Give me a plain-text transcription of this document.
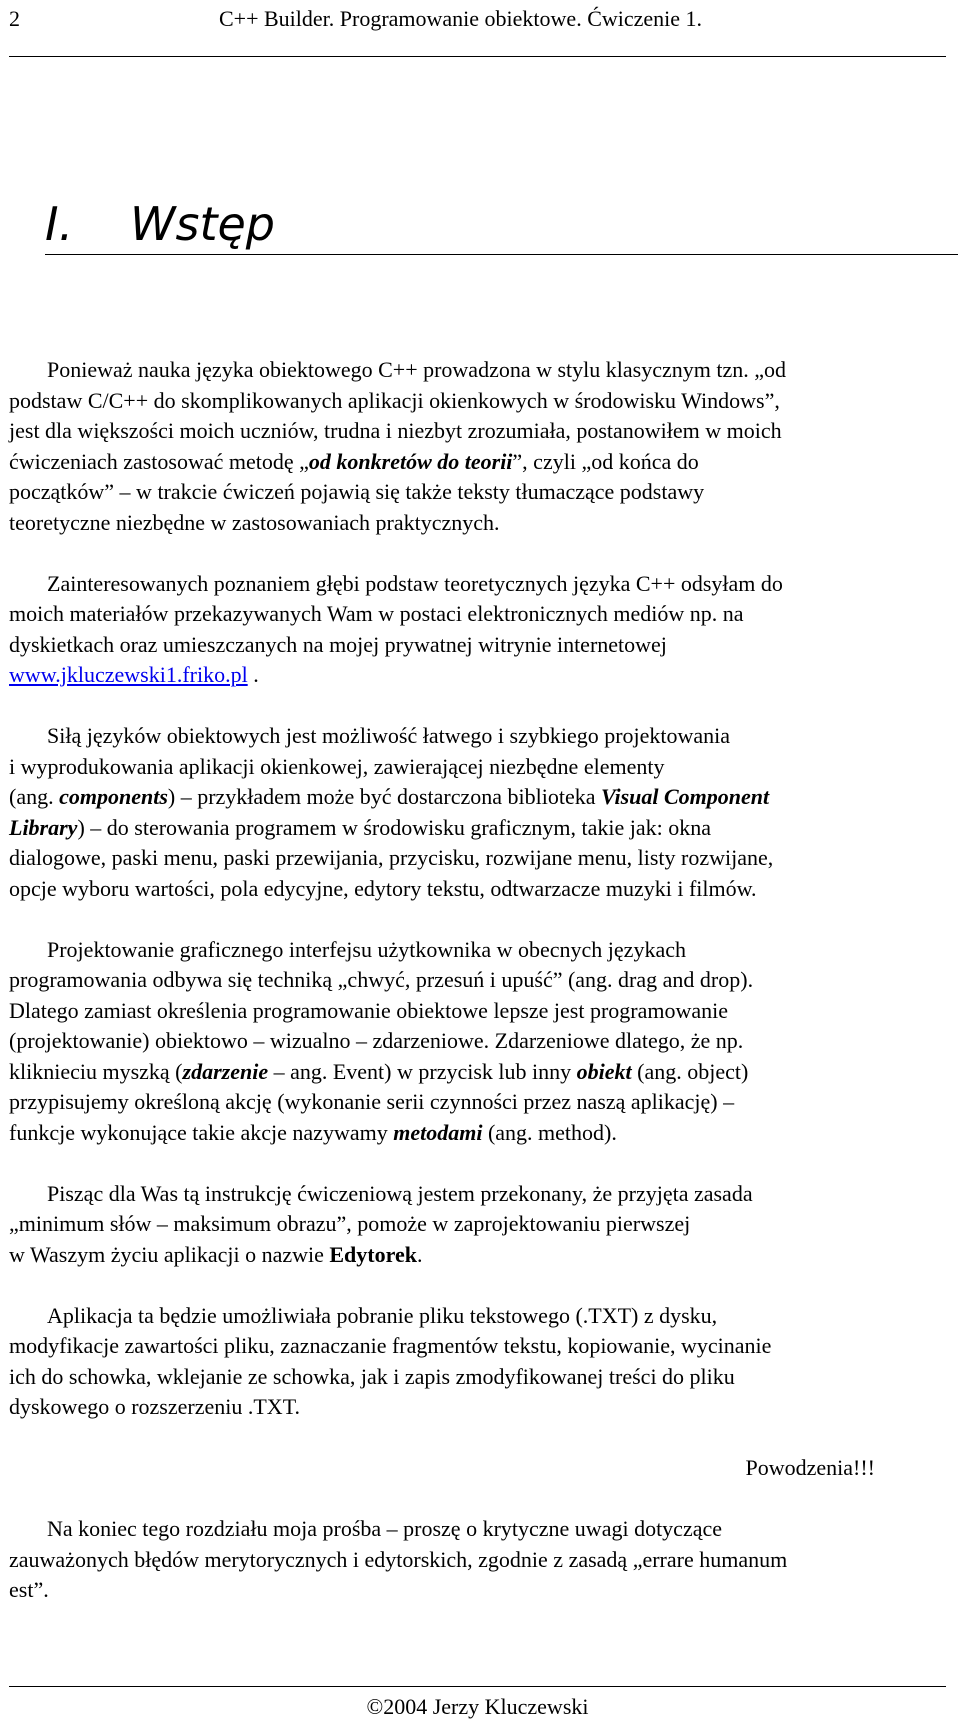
2	C++ Builder. Programowanie obiektowe. Ćwiczenie 1.
I. Wstęp
Ponieważ nauka języka obiektowego C++ prowadzona w stylu klasycznym tzn. „od
podstaw C/C++ do skomplikowanych aplikacji okienkowych w środowisku Windows”,
jest dla większości moich uczniów, trudna i niezbyt zrozumiała, postanowiłem w moich
ćwiczeniach zastosować metodę „od konkretów do teorii”, czyli „od końca do
początków” – w trakcie ćwiczeń pojawią się także teksty tłumaczące podstawy
teoretyczne niezbędne w zastosowaniach praktycznych.
Zainteresowanych poznaniem głębi podstaw teoretycznych języka C++ odsyłam do
moich materiałów przekazywanych Wam w postaci elektronicznych mediów np. na
dyskietkach oraz umieszczanych na mojej prywatnej witrynie internetowej
www.jkluczewski1.friko.pl .
Siłą języków obiektowych jest możliwość łatwego i szybkiego projektowania
i wyprodukowania aplikacji okienkowej, zawierającej niezbędne elementy
(ang. components) – przykładem może być dostarczona biblioteka Visual Component
Library) – do sterowania programem w środowisku graficznym, takie jak: okna
dialogowe, paski menu, paski przewijania, przycisku, rozwijane menu, listy rozwijane,
opcje wyboru wartości, pola edycyjne, edytory tekstu, odtwarzacze muzyki i filmów.
Projektowanie graficznego interfejsu użytkownika w obecnych językach
programowania odbywa się techniką „chwyć, przesuń i upuść” (ang. drag and drop).
Dlatego zamiast określenia programowanie obiektowe lepsze jest programowanie
(projektowanie) obiektowo – wizualno – zdarzeniowe. Zdarzeniowe dlatego, że np.
kliknieciu myszką (zdarzenie – ang. Event) w przycisk lub inny obiekt (ang. object)
przypisujemy określoną akcję (wykonanie serii czynności przez naszą aplikację) –
funkcje wykonujące takie akcje nazywamy metodami (ang. method).
Pisząc dla Was tą instrukcję ćwiczeniową jestem przekonany, że przyjęta zasada
„minimum słów – maksimum obrazu”, pomoże w zaprojektowaniu pierwszej
w Waszym życiu aplikacji o nazwie Edytorek.
Aplikacja ta będzie umożliwiała pobranie pliku tekstowego (.TXT) z dysku,
modyfikacje zawartości pliku, zaznaczanie fragmentów tekstu, kopiowanie, wycinanie
ich do schowka, wklejanie ze schowka, jak i zapis zmodyfikowanej treści do pliku
dyskowego o rozszerzeniu .TXT.
Powodzenia!!!
Na koniec tego rozdziału moja prośba – proszę o krytyczne uwagi dotyczące
zauważonych błędów merytorycznych i edytorskich, zgodnie z zasadą „errare humanum
est”.
©2004 Jerzy Kluczewski
